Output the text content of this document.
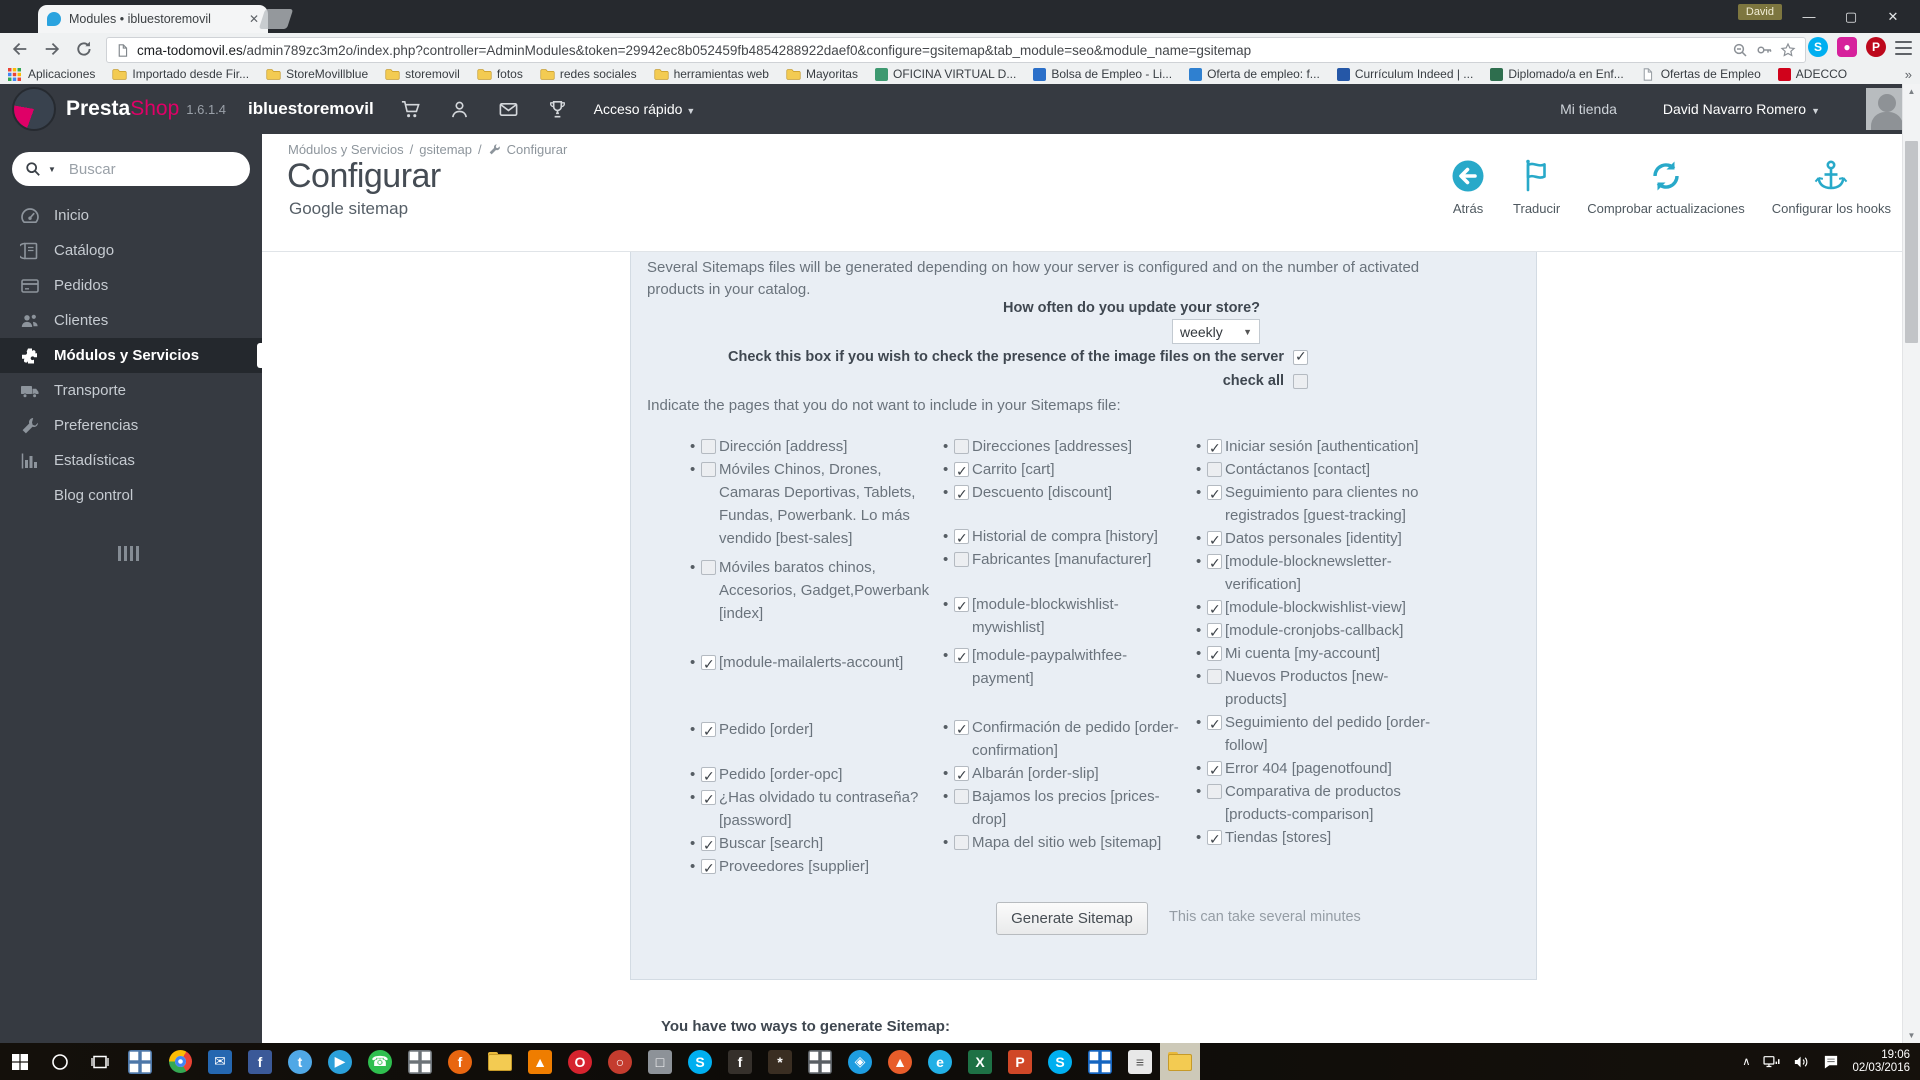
Modules • ibluestoremovil	✕	David	—	▢	✕
cma-todomovil.es/admin789zc3m2o/index.php?controller=AdminModules&token=29942ec8b052459fb4854288922daef0&configure=gsitemap&tab_module=seo&module_name=gsitemap	S	●	P
Aplicaciones	Importado desde Fir...	StoreMovillblue	storemovil	fotos	redes sociales	herramientas web	Mayoritas	OFICINA VIRTUAL D...	Bolsa de Empleo - Li...	Oferta de empleo: f...	Currículum Indeed | ...	Diplomado/a en Enf...	Ofertas de Empleo	ADECCO	»
PrestaShop 1.6.1.4 ibluestoremovil	Acceso rápido ▼	Mi tienda	David Navarro Romero ▼
▼ Buscar
Inicio
Catálogo
Pedidos
Clientes
Módulos y Servicios
Transporte
Preferencias
Estadísticas
Blog control
Módulos y Servicios / gsitemap / Configurar
Configurar
Google sitemap	Atrás Traducir Comprobar actualizaciones Configurar los hooks
Several Sitemaps files will be generated depending on how your server is configured and on the number of activated products in your catalog.
How often do you update your store?
weekly ▼
Check this box if you wish to check the presence of the image files on the server ✓
check all
Indicate the pages that you do not want to include in your Sitemaps file:
• Dirección [address]
• Móviles Chinos, Drones, Camaras Deportivas, Tablets, Fundas, Powerbank. Lo más vendido [best-sales]
• Móviles baratos chinos, Accesorios, Gadget,Powerbank [index]
• ✓ [module-mailalerts-account]
• ✓ Pedido [order]
• ✓ Pedido [order-opc]
• ✓ ¿Has olvidado tu contraseña? [password]
• ✓ Buscar [search]
• ✓ Proveedores [supplier]
• Direcciones [addresses]
• ✓ Carrito [cart]
• ✓ Descuento [discount]
• ✓ Historial de compra [history]
• Fabricantes [manufacturer]
• ✓ [module-blockwishlist-mywishlist]
• ✓ [module-paypalwithfee-payment]
• ✓ Confirmación de pedido [order-confirmation]
• ✓ Albarán [order-slip]
• Bajamos los precios [prices-drop]
• Mapa del sitio web [sitemap]
• ✓ Iniciar sesión [authentication]
• Contáctanos [contact]
• ✓ Seguimiento para clientes no registrados [guest-tracking]
• ✓ Datos personales [identity]
• ✓ [module-blocknewsletter-verification]
• ✓ [module-blockwishlist-view]
• ✓ [module-cronjobs-callback]
• ✓ Mi cuenta [my-account]
• Nuevos Productos [new-products]
• ✓ Seguimiento del pedido [order-follow]
• ✓ Error 404 [pagenotfound]
• Comparativa de productos [products-comparison]
• ✓ Tiendas [stores]
Generate Sitemap	This can take several minutes
You have two ways to generate Sitemap:
▲
▼
✉	f	t	▶	☎	f	▲	O	○	□	S	f	*	◈	▲	e	X	P	S	≡	∧
19:06
02/03/2016
